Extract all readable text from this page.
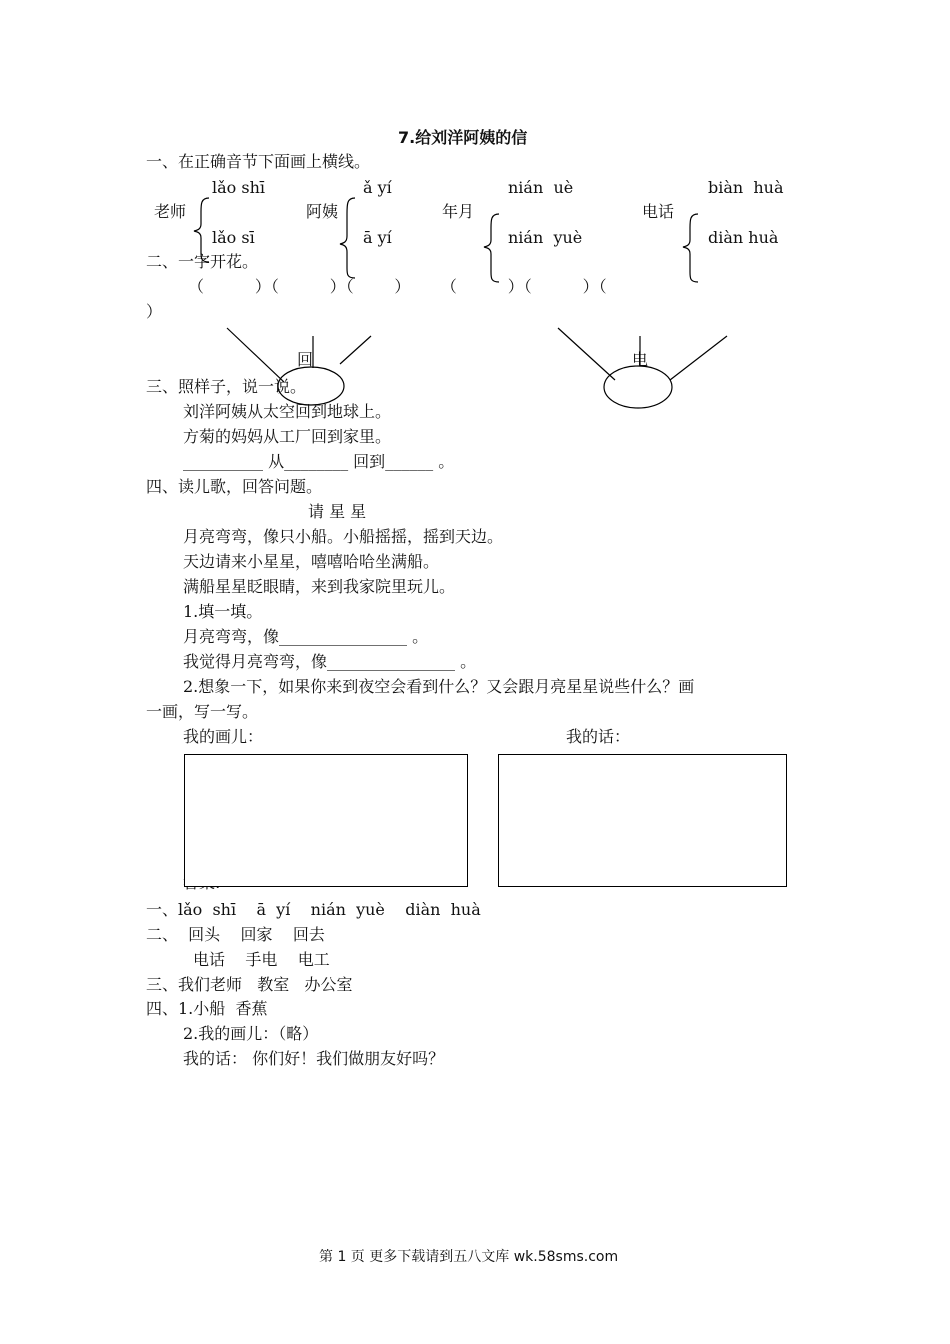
7.给刘洋阿姨的信
一、在正确音节下面画上横线。
lǎo shī	ǎ yí	nián  uè	biàn  huà
老师	阿姨	年月	电话
lǎo sī	ā yí	nián  yuè	diàn huà
二、一字开花。
（          ）（          ）（        ）      （          ）（          ）（
）
回	电
三、照样子，说一说。
刘洋阿姨从太空回到地球上。
方菊的妈妈从工厂回到家里。
__________ 从________ 回到______ 。
四、读儿歌，回答问题。
请 星 星
月亮弯弯，像只小船。小船摇摇，摇到天边。
天边请来小星星，嘻嘻哈哈坐满船。
满船星星眨眼睛，来到我家院里玩儿。
1.填一填。
月亮弯弯，像________________ 。
我觉得月亮弯弯，像________________ 。
2.想象一下，如果你来到夜空会看到什么？又会跟月亮星星说些什么？画
一画，写一写。
我的画儿：	我的话：
一、lǎo  shī    ā  yí    nián  yuè    diàn  huà
二、  回头    回家    回去
电话    手电    电工
三、我们老师   教室   办公室
四、1.小船  香蕉
2.我的画儿：（略）
我的话： 你们好！我们做朋友好吗？
第 1 页 更多下载请到五八文库 wk.58sms.com
